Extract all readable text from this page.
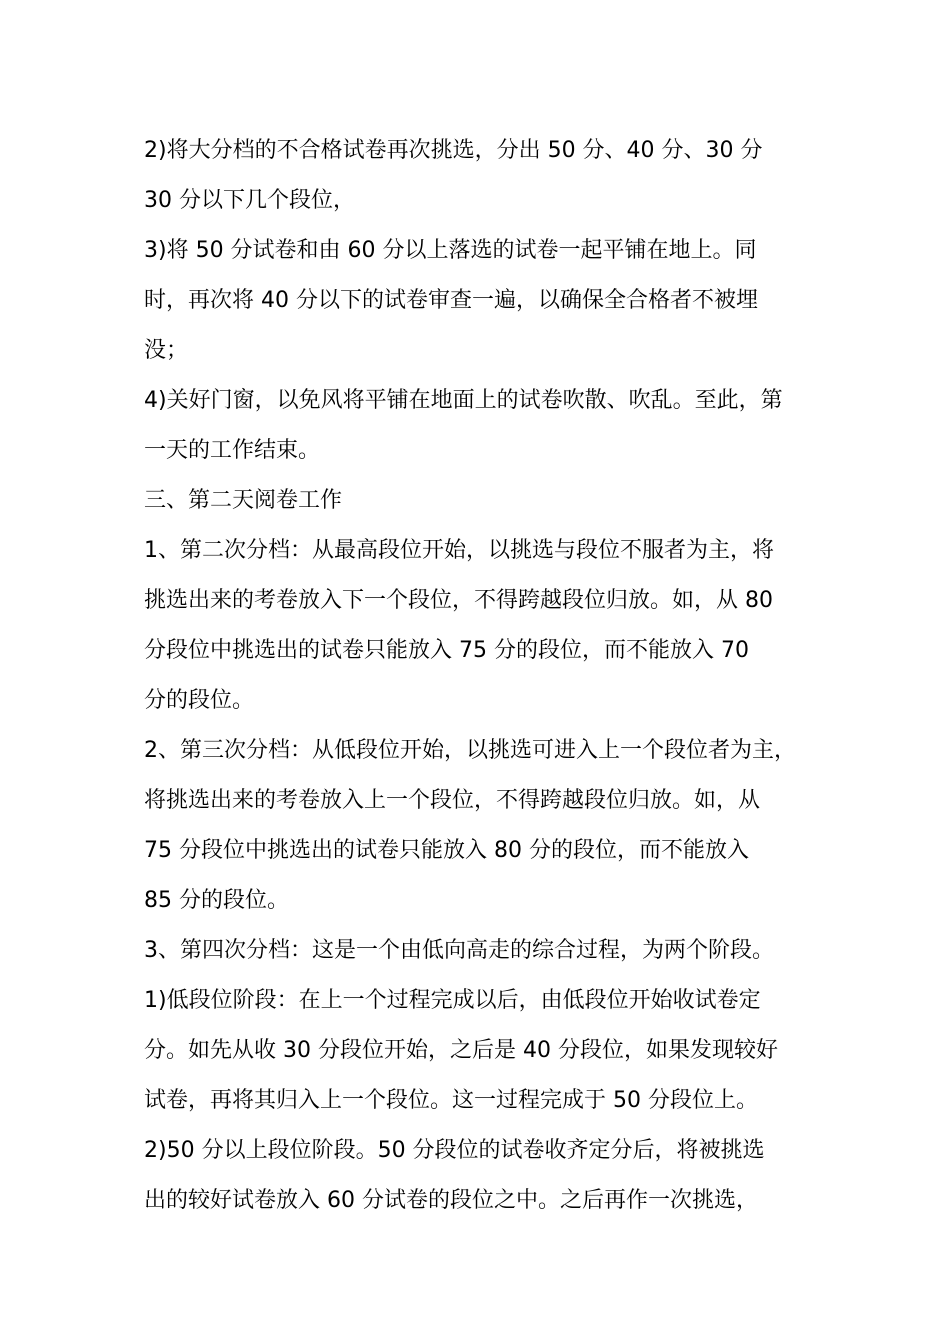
2)将大分档的不合格试卷再次挑选，分出 50 分、40 分、30 分
30 分以下几个段位，
3)将 50 分试卷和由 60 分以上落选的试卷一起平铺在地上。同
时，再次将 40 分以下的试卷审查一遍，以确保全合格者不被埋
没；
4)关好门窗，以免风将平铺在地面上的试卷吹散、吹乱。至此，第
一天的工作结束。
三、第二天阅卷工作
1、第二次分档：从最高段位开始，以挑选与段位不服者为主，将
挑选出来的考卷放入下一个段位，不得跨越段位归放。如，从 80
分段位中挑选出的试卷只能放入 75 分的段位，而不能放入 70
分的段位。
2、第三次分档：从低段位开始，以挑选可进入上一个段位者为主，
将挑选出来的考卷放入上一个段位，不得跨越段位归放。如，从
75 分段位中挑选出的试卷只能放入 80 分的段位，而不能放入
85 分的段位。
3、第四次分档：这是一个由低向高走的综合过程，为两个阶段。
1)低段位阶段：在上一个过程完成以后，由低段位开始收试卷定
分。如先从收 30 分段位开始，之后是 40 分段位，如果发现较好
试卷，再将其归入上一个段位。这一过程完成于 50 分段位上。
2)50 分以上段位阶段。50 分段位的试卷收齐定分后，将被挑选
出的较好试卷放入 60 分试卷的段位之中。之后再作一次挑选，
